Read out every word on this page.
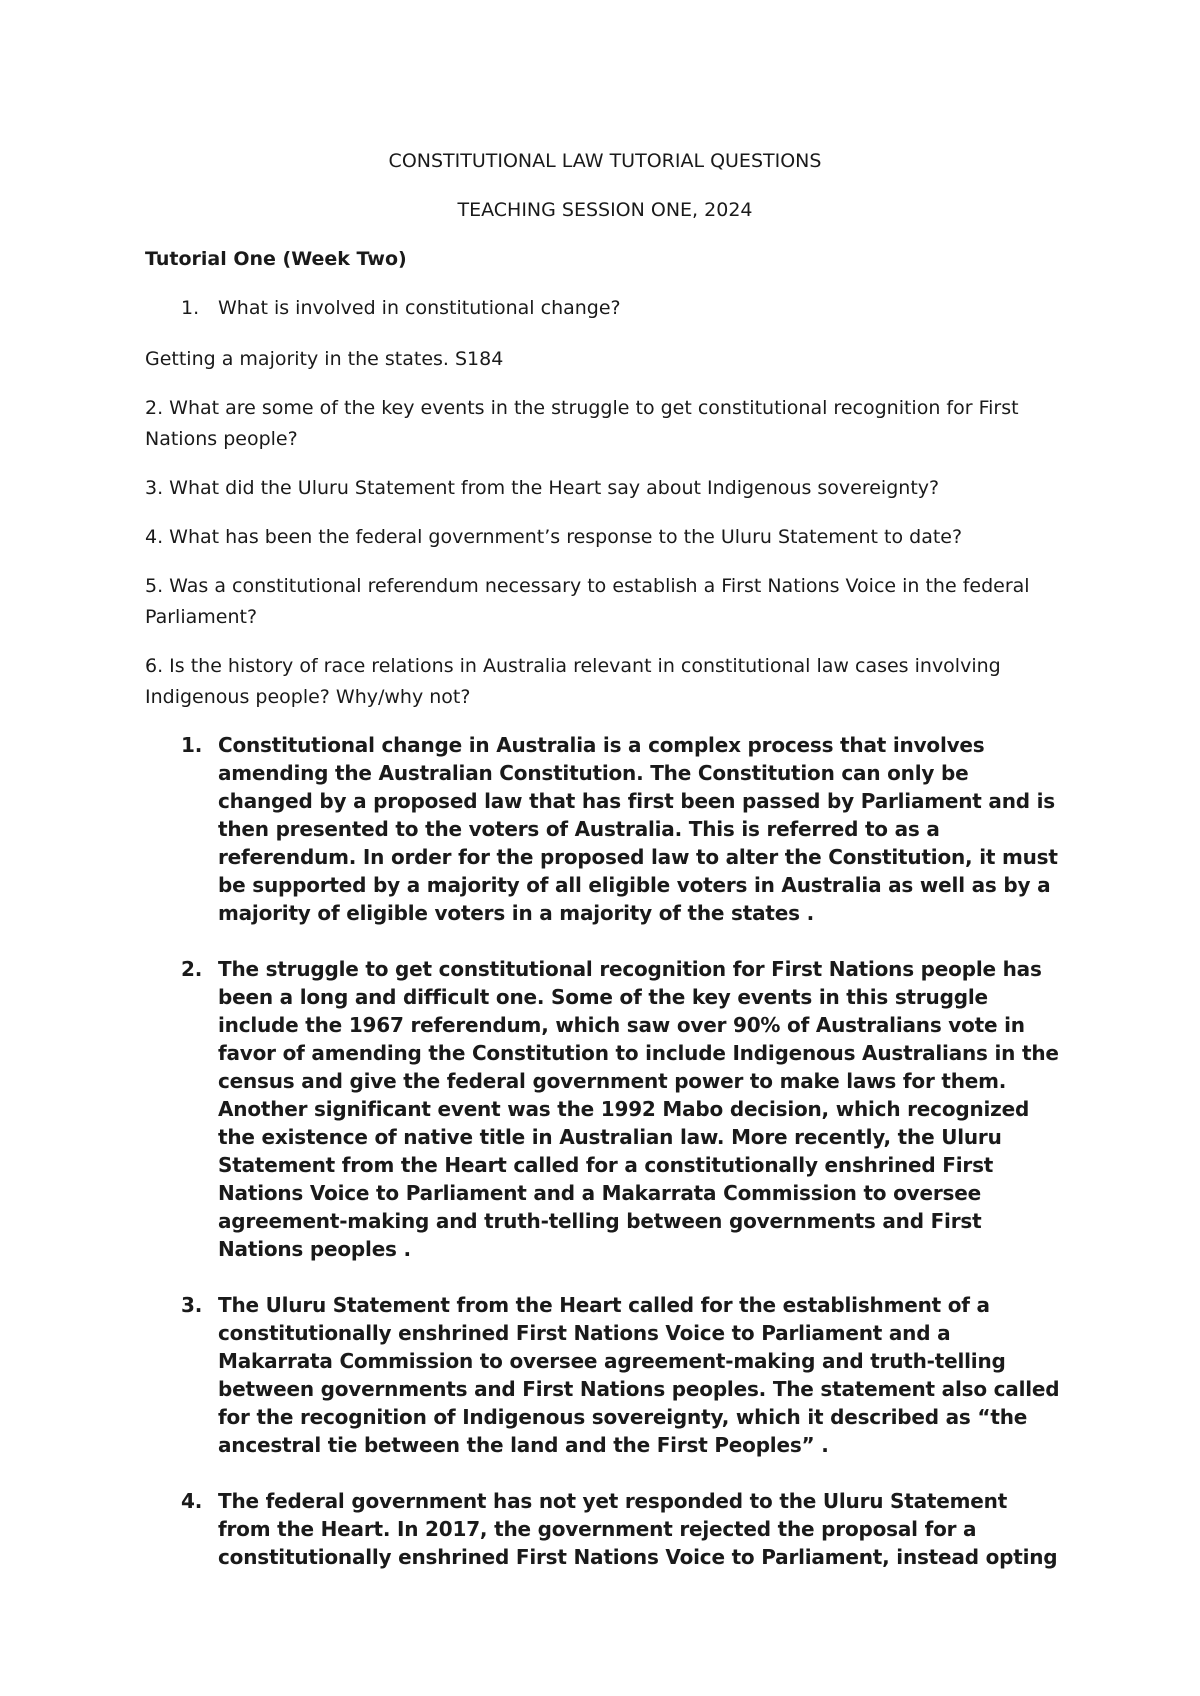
CONSTITUTIONAL LAW TUTORIAL QUESTIONS
TEACHING SESSION ONE, 2024
Tutorial One (Week Two)
1. What is involved in constitutional change?

Getting a majority in the states. S184

2. What are some of the key events in the struggle to get constitutional recognition for First Nations people?

3. What did the Uluru Statement from the Heart say about Indigenous sovereignty?

4. What has been the federal government’s response to the Uluru Statement to date?

5. Was a constitutional referendum necessary to establish a First Nations Voice in the federal Parliament?

6. Is the history of race relations in Australia relevant in constitutional law cases involving Indigenous people? Why/why not?

1. Constitutional change in Australia is a complex process that involves amending the Australian Constitution. The Constitution can only be changed by a proposed law that has first been passed by Parliament and is then presented to the voters of Australia. This is referred to as a referendum. In order for the proposed law to alter the Constitution, it must be supported by a majority of all eligible voters in Australia as well as by a majority of eligible voters in a majority of the states .
2. The struggle to get constitutional recognition for First Nations people has been a long and difficult one. Some of the key events in this struggle include the 1967 referendum, which saw over 90% of Australians vote in favor of amending the Constitution to include Indigenous Australians in the census and give the federal government power to make laws for them. Another significant event was the 1992 Mabo decision, which recognized the existence of native title in Australian law. More recently, the Uluru Statement from the Heart called for a constitutionally enshrined First Nations Voice to Parliament and a Makarrata Commission to oversee agreement-making and truth-telling between governments and First Nations peoples .
3. The Uluru Statement from the Heart called for the establishment of a constitutionally enshrined First Nations Voice to Parliament and a Makarrata Commission to oversee agreement-making and truth-telling between governments and First Nations peoples. The statement also called for the recognition of Indigenous sovereignty, which it described as “the ancestral tie between the land and the First Peoples” .
4. The federal government has not yet responded to the Uluru Statement from the Heart. In 2017, the government rejected the proposal for a constitutionally enshrined First Nations Voice to Parliament, instead opting
